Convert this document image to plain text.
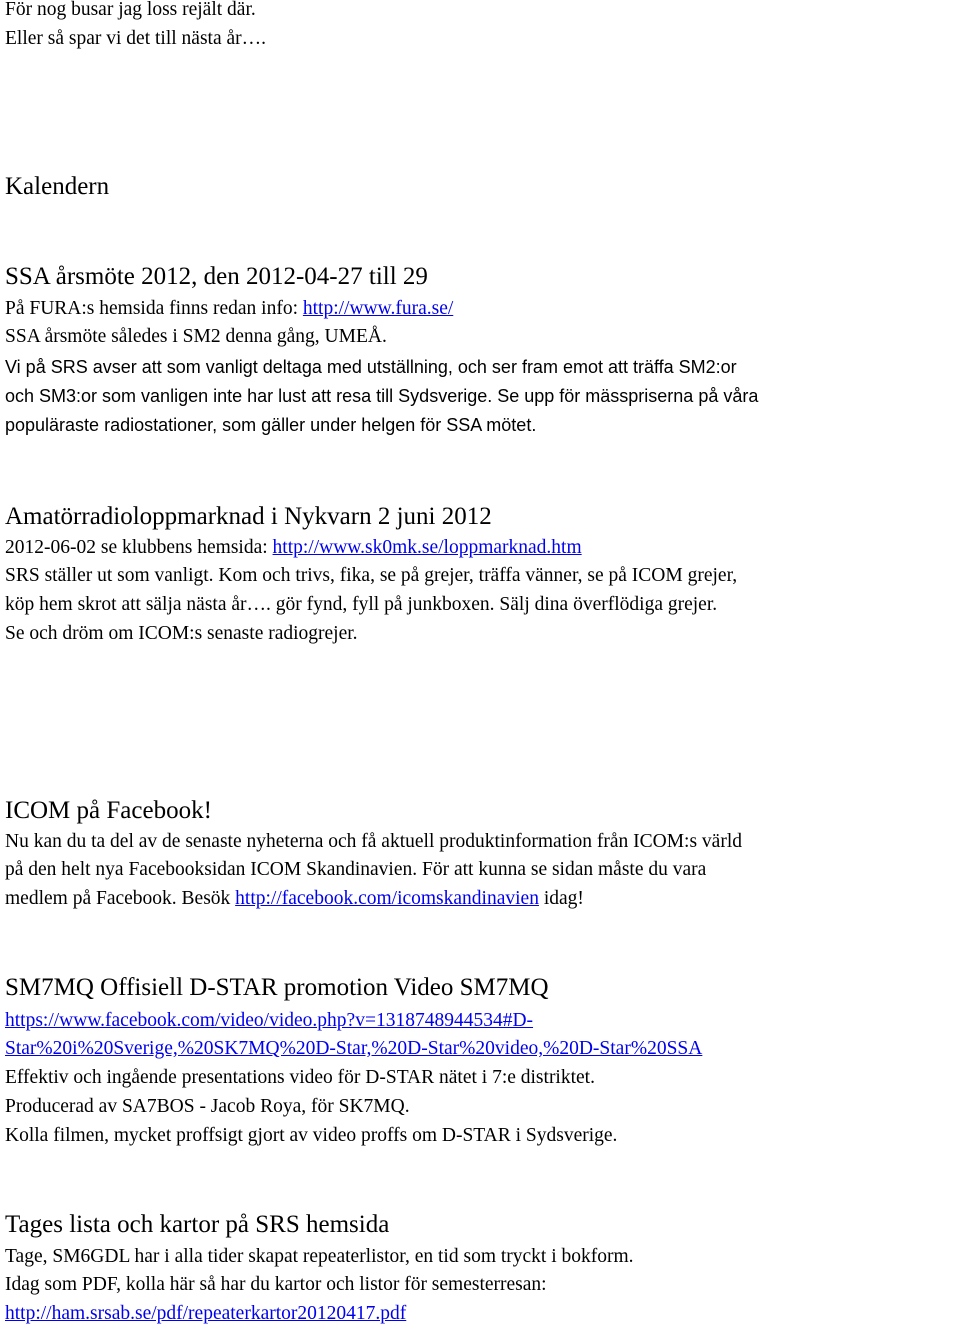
För nog busar jag loss rejält där.
Eller så spar vi det till nästa år….
Kalendern
SSA årsmöte 2012, den 2012-04-27 till 29
På FURA:s hemsida finns redan info: http://www.fura.se/
SSA årsmöte således i SM2 denna gång, UMEÅ.
Vi på SRS avser att som vanligt deltaga med utställning, och ser fram emot att träffa SM2:or
och SM3:or som vanligen inte har lust att resa till Sydsverige. Se upp för mässpriserna på våra
populäraste radiostationer, som gäller under helgen för SSA mötet.
Amatörradioloppmarknad i Nykvarn 2 juni 2012
2012-06-02 se klubbens hemsida: http://www.sk0mk.se/loppmarknad.htm
SRS ställer ut som vanligt. Kom och trivs, fika, se på grejer, träffa vänner, se på ICOM grejer,
köp hem skrot att sälja nästa år…. gör fynd, fyll på junkboxen. Sälj dina överflödiga grejer.
Se och dröm om ICOM:s senaste radiogrejer.
ICOM på Facebook!
Nu kan du ta del av de senaste nyheterna och få aktuell produktinformation från ICOM:s värld
på den helt nya Facebooksidan ICOM Skandinavien. För att kunna se sidan måste du vara
medlem på Facebook. Besök http://facebook.com/icomskandinavien idag!
SM7MQ Offisiell D-STAR promotion Video SM7MQ
https://www.facebook.com/video/video.php?v=1318748944534#D-
Star%20i%20Sverige,%20SK7MQ%20D-Star,%20D-Star%20video,%20D-Star%20SSA
Effektiv och ingående presentations video för D-STAR nätet i 7:e distriktet.
Producerad av SA7BOS - Jacob Roya, för SK7MQ.
Kolla filmen, mycket proffsigt gjort av video proffs om D-STAR i Sydsverige.
Tages lista och kartor på SRS hemsida
Tage, SM6GDL har i alla tider skapat repeaterlistor, en tid som tryckt i bokform.
Idag som PDF, kolla här så har du kartor och listor för semesterresan:
http://ham.srsab.se/pdf/repeaterkartor20120417.pdf
